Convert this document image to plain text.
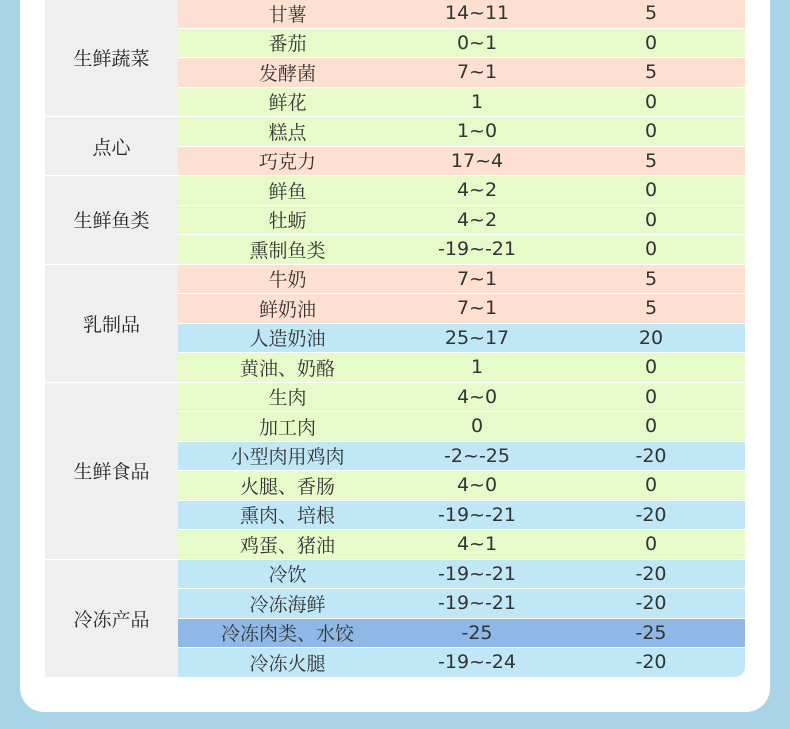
生鲜蔬菜	甘薯	14~11	5
	番茄	0~1	0
	发酵菌	7~1	5
	鲜花	1	0
点心	糕点	1~0	0
	巧克力	17~4	5
生鲜鱼类	鲜鱼	4~2	0
	牡蛎	4~2	0
	熏制鱼类	-19~-21	0
乳制品	牛奶	7~1	5
	鲜奶油	7~1	5
	人造奶油	25~17	20
	黄油、奶酪	1	0
生鲜食品	生肉	4~0	0
	加工肉	0	0
	小型肉用鸡肉	-2~-25	-20
	火腿、香肠	4~0	0
	熏肉、培根	-19~-21	-20
	鸡蛋、猪油	4~1	0
冷冻产品	冷饮	-19~-21	-20
	冷冻海鲜	-19~-21	-20
	冷冻肉类、水饺	-25	-25
	冷冻火腿	-19~-24	-20
